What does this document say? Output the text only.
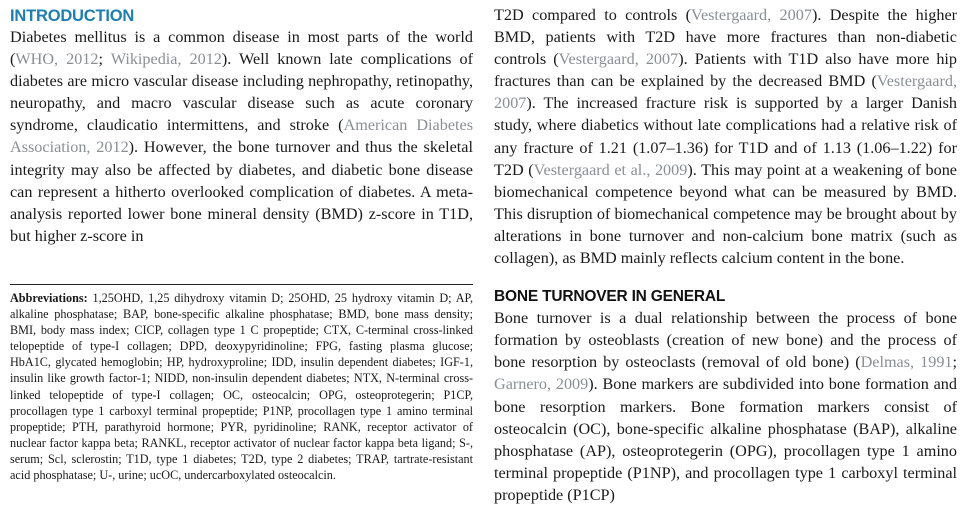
INTRODUCTION

Diabetes mellitus is a common disease in most parts of the world (WHO, 2012; Wikipedia, 2012). Well known late complications of diabetes are micro vascular disease including nephropathy, retinopathy, neuropathy, and macro vascular disease such as acute coronary syndrome, claudicatio intermittens, and stroke (American Diabetes Association, 2012). However, the bone turnover and thus the skeletal integrity may also be affected by diabetes, and diabetic bone disease can represent a hitherto overlooked complication of diabetes. A meta-analysis reported lower bone mineral density (BMD) z-score in T1D, but higher z-score in

Abbreviations: 1,25OHD, 1,25 dihydroxy vitamin D; 25OHD, 25 hydroxy vitamin D; AP, alkaline phosphatase; BAP, bone-specific alkaline phosphatase; BMD, bone mass density; BMI, body mass index; CICP, collagen type 1 C propeptide; CTX, C-terminal cross-linked telopeptide of type-I collagen; DPD, deoxypyridinoline; FPG, fasting plasma glucose; HbA1C, glycated hemoglobin; HP, hydroxyproline; IDD, insulin dependent diabetes; IGF-1, insulin like growth factor-1; NIDD, non-insulin dependent diabetes; NTX, N-terminal cross-linked telopeptide of type-I collagen; OC, osteocalcin; OPG, osteoprotegerin; P1CP, procollagen type 1 carboxyl terminal propeptide; P1NP, procollagen type 1 amino terminal propeptide; PTH, parathyroid hormone; PYR, pyridinoline; RANK, receptor activator of nuclear factor kappa beta; RANKL, receptor activator of nuclear factor kappa beta ligand; S-, serum; Scl, sclerostin; T1D, type 1 diabetes; T2D, type 2 diabetes; TRAP, tartrate-resistant acid phosphatase; U-, urine; ucOC, undercarboxylated osteocalcin.

T2D compared to controls (Vestergaard, 2007). Despite the higher BMD, patients with T2D have more fractures than non-diabetic controls (Vestergaard, 2007). Patients with T1D also have more hip fractures than can be explained by the decreased BMD (Vestergaard, 2007). The increased fracture risk is supported by a larger Danish study, where diabetics without late complications had a relative risk of any fracture of 1.21 (1.07–1.36) for T1D and of 1.13 (1.06–1.22) for T2D (Vestergaard et al., 2009). This may point at a weakening of bone biomechanical competence beyond what can be measured by BMD. This disruption of biomechanical competence may be brought about by alterations in bone turnover and non-calcium bone matrix (such as collagen), as BMD mainly reflects calcium content in the bone.

BONE TURNOVER IN GENERAL

Bone turnover is a dual relationship between the process of bone formation by osteoblasts (creation of new bone) and the process of bone resorption by osteoclasts (removal of old bone) (Delmas, 1991; Garnero, 2009). Bone markers are subdivided into bone formation and bone resorption markers. Bone formation markers consist of osteocalcin (OC), bone-specific alkaline phosphatase (BAP), alkaline phosphatase (AP), osteoprotegerin (OPG), procollagen type 1 amino terminal propeptide (P1NP), and procollagen type 1 carboxyl terminal propeptide (P1CP)
